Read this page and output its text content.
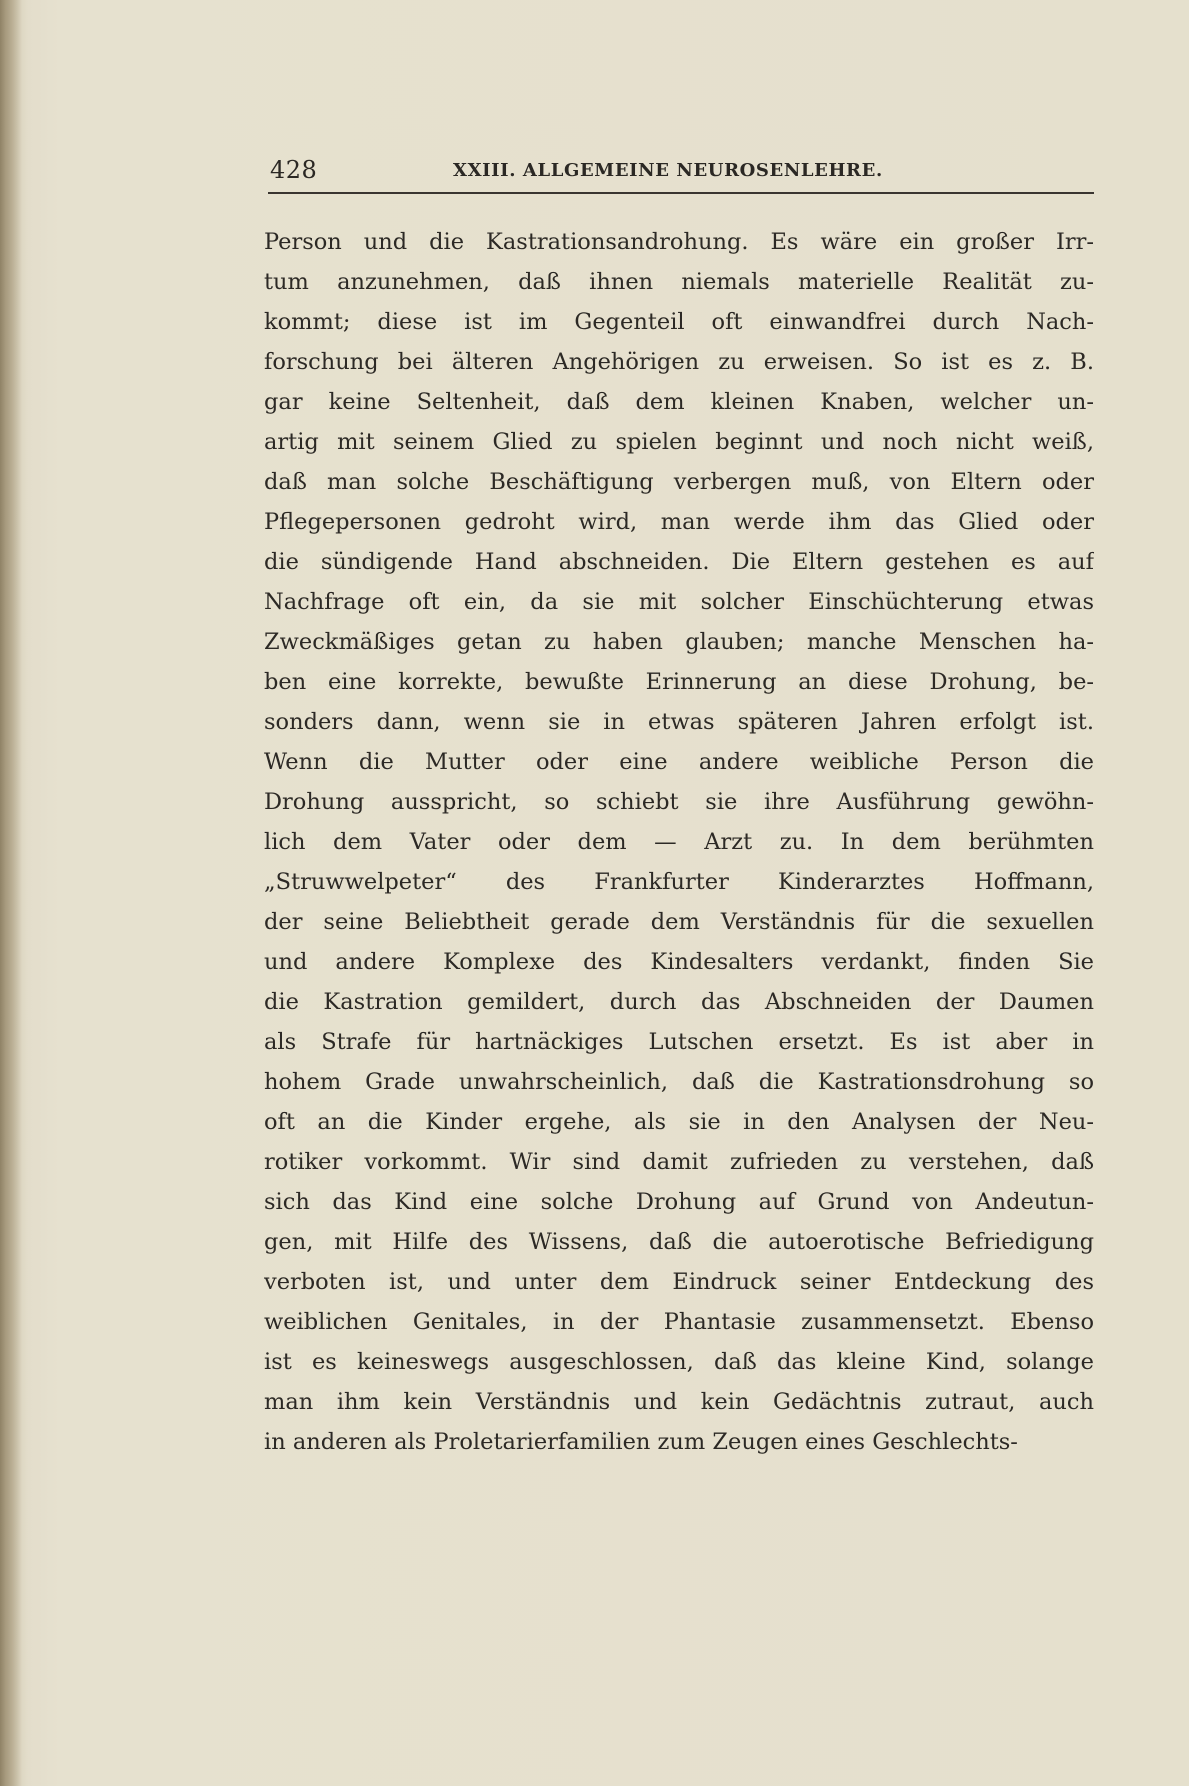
428	XXIII. ALLGEMEINE NEUROSENLEHRE.
Person und die Kastrationsandrohung. Es wäre ein großer Irr-
tum anzunehmen, daß ihnen niemals materielle Realität zu-
kommt; diese ist im Gegenteil oft einwandfrei durch Nach-
forschung bei älteren Angehörigen zu erweisen. So ist es z. B.
gar keine Seltenheit, daß dem kleinen Knaben, welcher un-
artig mit seinem Glied zu spielen beginnt und noch nicht weiß,
daß man solche Beschäftigung verbergen muß, von Eltern oder
Pflegepersonen gedroht wird, man werde ihm das Glied oder
die sündigende Hand abschneiden. Die Eltern gestehen es auf
Nachfrage oft ein, da sie mit solcher Einschüchterung etwas
Zweckmäßiges getan zu haben glauben; manche Menschen ha-
ben eine korrekte, bewußte Erinnerung an diese Drohung, be-
sonders dann, wenn sie in etwas späteren Jahren erfolgt ist.
Wenn die Mutter oder eine andere weibliche Person die
Drohung ausspricht, so schiebt sie ihre Ausführung gewöhn-
lich dem Vater oder dem — Arzt zu. In dem berühmten
„Struwwelpeter“ des Frankfurter Kinderarztes Hoffmann,
der seine Beliebtheit gerade dem Verständnis für die sexuellen
und andere Komplexe des Kindesalters verdankt, finden Sie
die Kastration gemildert, durch das Abschneiden der Daumen
als Strafe für hartnäckiges Lutschen ersetzt. Es ist aber in
hohem Grade unwahrscheinlich, daß die Kastrationsdrohung so
oft an die Kinder ergehe, als sie in den Analysen der Neu-
rotiker vorkommt. Wir sind damit zufrieden zu verstehen, daß
sich das Kind eine solche Drohung auf Grund von Andeutun-
gen, mit Hilfe des Wissens, daß die autoerotische Befriedigung
verboten ist, und unter dem Eindruck seiner Entdeckung des
weiblichen Genitales, in der Phantasie zusammensetzt. Ebenso
ist es keineswegs ausgeschlossen, daß das kleine Kind, solange
man ihm kein Verständnis und kein Gedächtnis zutraut, auch
in anderen als Proletarierfamilien zum Zeugen eines Geschlechts-
